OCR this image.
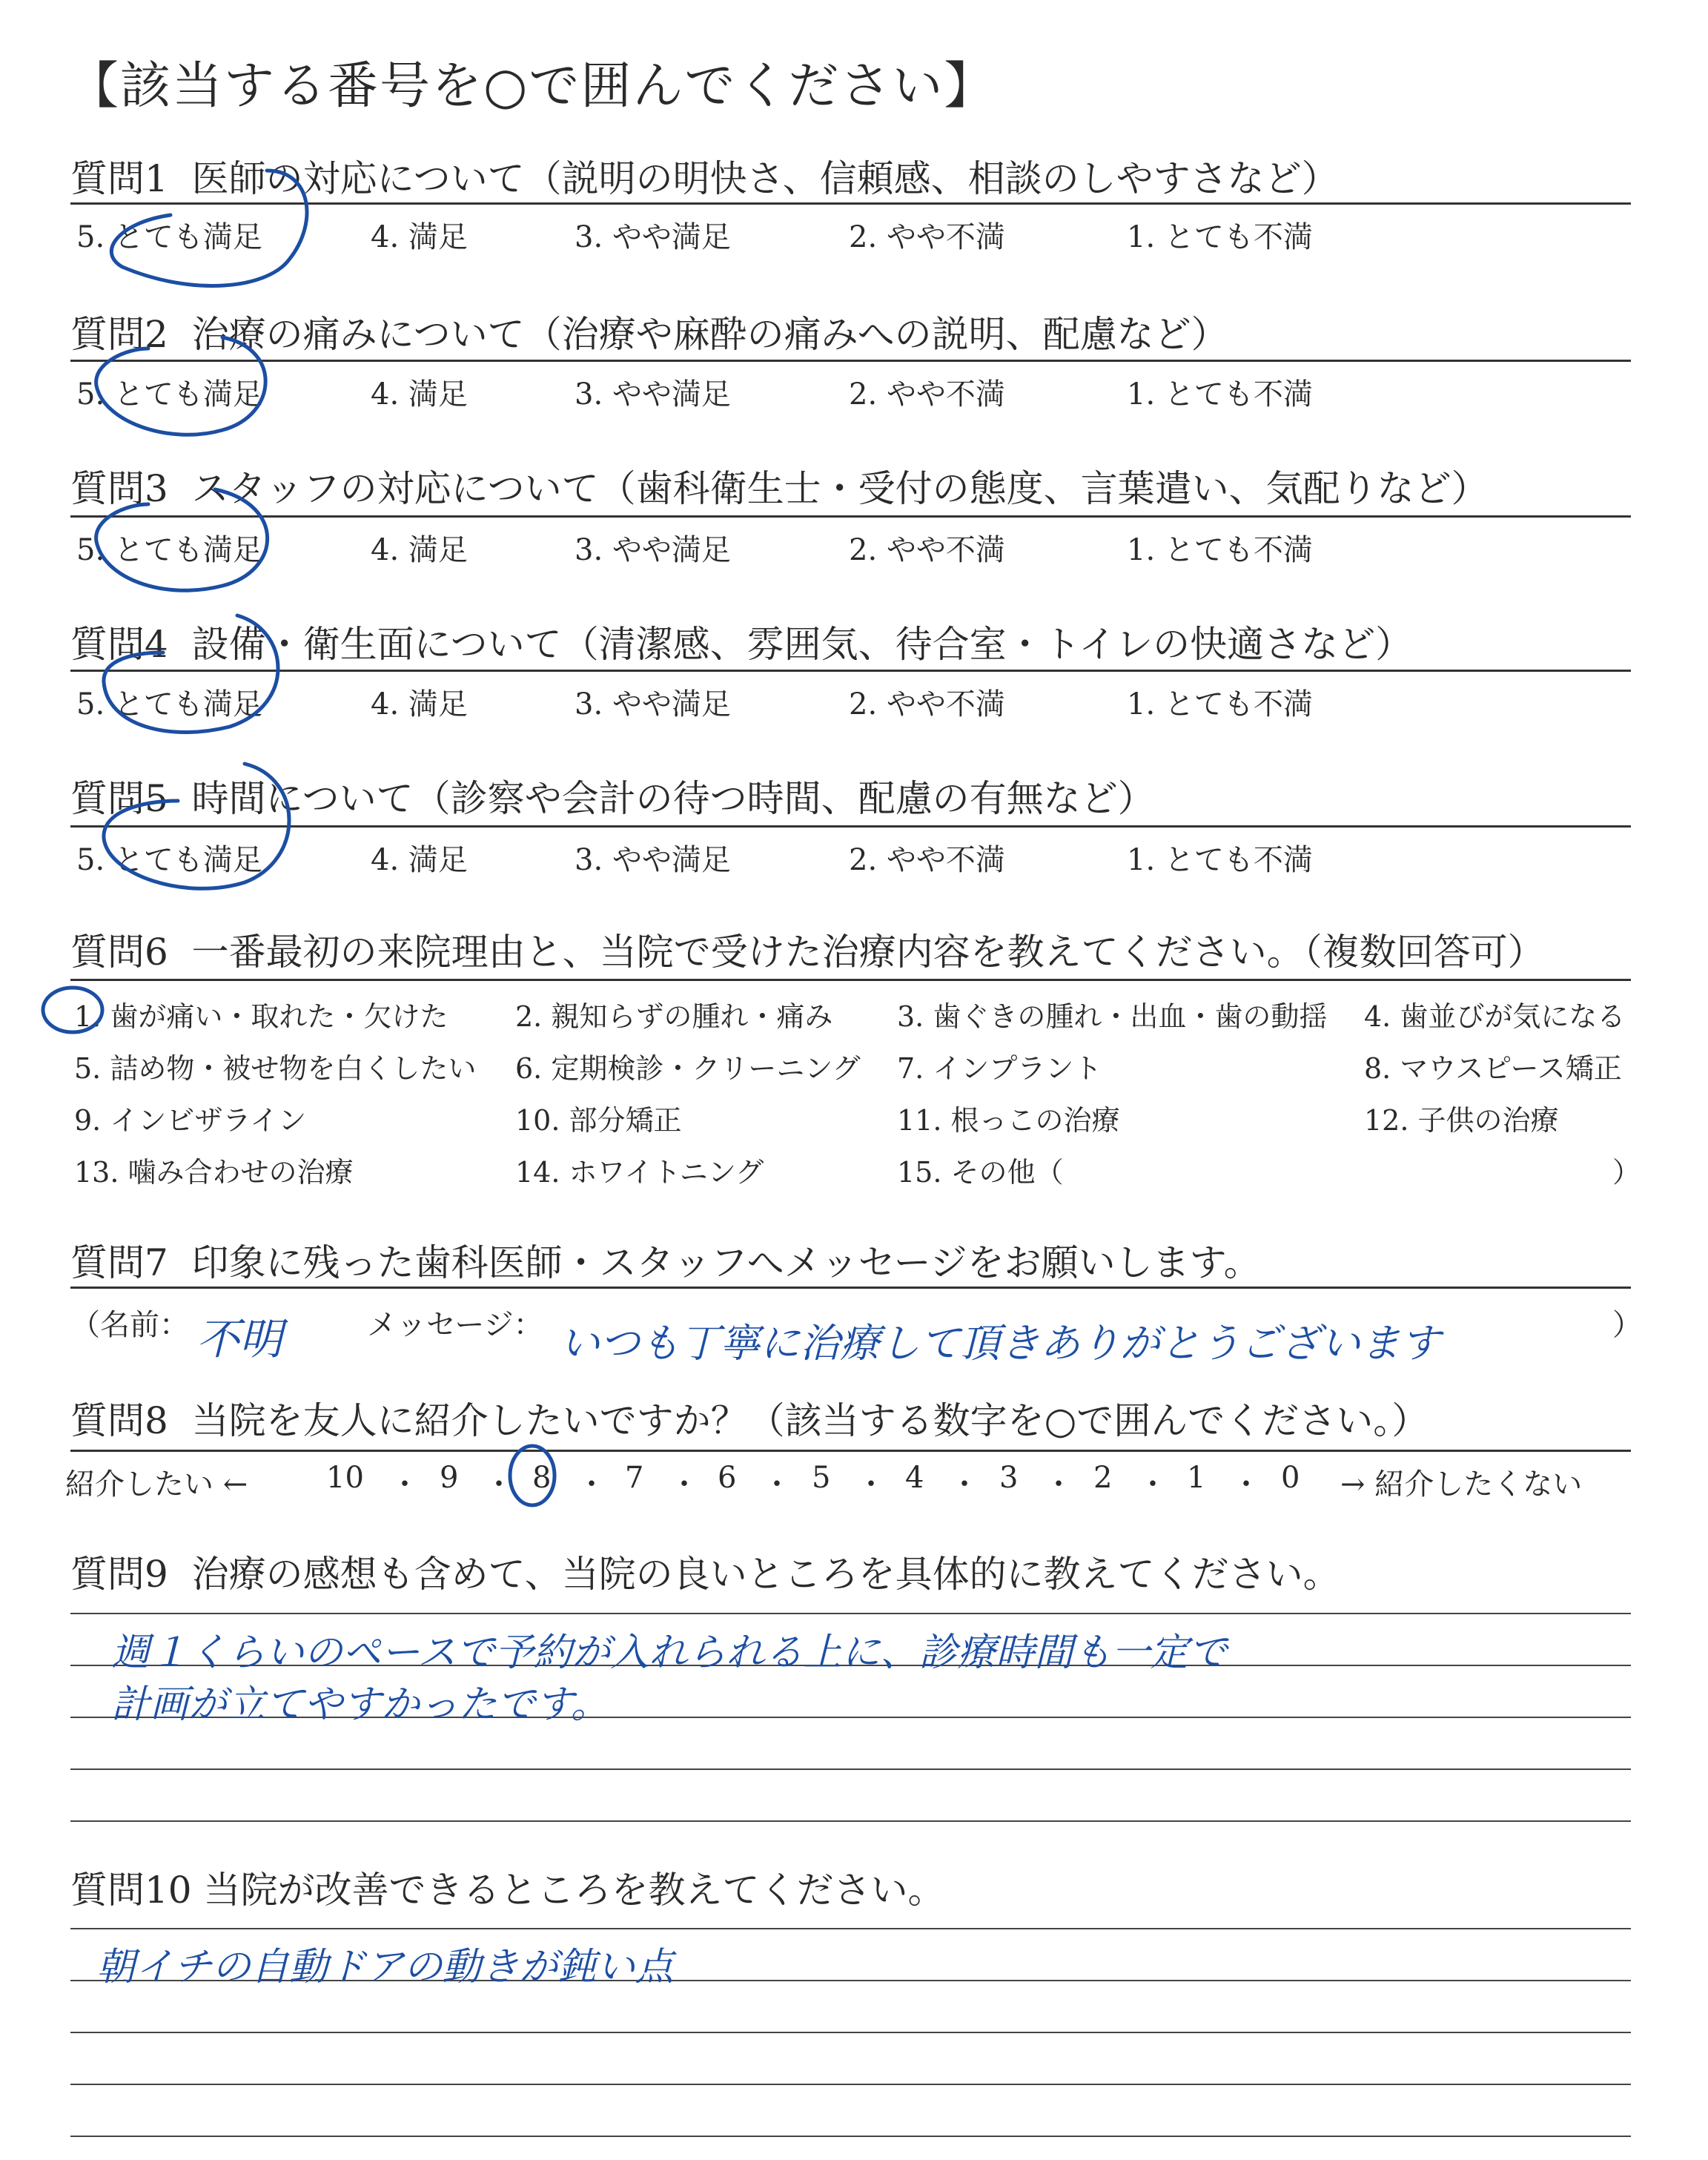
【該当する番号を○で囲んでください】
質問1 医師の対応について（説明の明快さ、信頼感、相談のしやすさなど）
5. とても満足	4. 満足	3. やや満足	2. やや不満	1. とても不満
質問2 治療の痛みについて（治療や麻酔の痛みへの説明、配慮など）
5. とても満足	4. 満足	3. やや満足	2. やや不満	1. とても不満
質問3 スタッフの対応について（歯科衛生士・受付の態度、言葉遣い、気配りなど）
5. とても満足	4. 満足	3. やや満足	2. やや不満	1. とても不満
質問4 設備・衛生面について（清潔感、雰囲気、待合室・トイレの快適さなど）
5. とても満足	4. 満足	3. やや満足	2. やや不満	1. とても不満
質問5 時間について（診察や会計の待つ時間、配慮の有無など）
5. とても満足	4. 満足	3. やや満足	2. やや不満	1. とても不満
質問6 一番最初の来院理由と、当院で受けた治療内容を教えてください。（複数回答可）
1. 歯が痛い・取れた・欠けた 2. 親知らずの腫れ・痛み 3. 歯ぐきの腫れ・出血・歯の動揺 4. 歯並びが気になる
5. 詰め物・被せ物を白くしたい 6. 定期検診・クリーニング 7. インプラント	8. マウスピース矯正
9. インビザライン	10. 部分矯正	11. 根っこの治療	12. 子供の治療
13. 噛み合わせの治療	14. ホワイトニング	15. その他（	）
質問7 印象に残った歯科医師・スタッフへメッセージをお願いします。
（名前： 不明	メッセージ： いつも丁寧に治療して頂きありがとうございます	）
質問8 当院を友人に紹介したいですか？（該当する数字を○で囲んでください。）
紹介したい ←	10 ・ 9 ・ 8 ・ 7 ・ 6 ・ 5 ・ 4 ・ 3 ・ 2 ・ 1 ・ 0 → 紹介したくない
質問9 治療の感想も含めて、当院の良いところを具体的に教えてください。
週１くらいのペースで予約が入れられる上に、診療時間も一定で
計画が立てやすかったです。
質問10 当院が改善できるところを教えてください。
朝イチの自動ドアの動きが鈍い点
